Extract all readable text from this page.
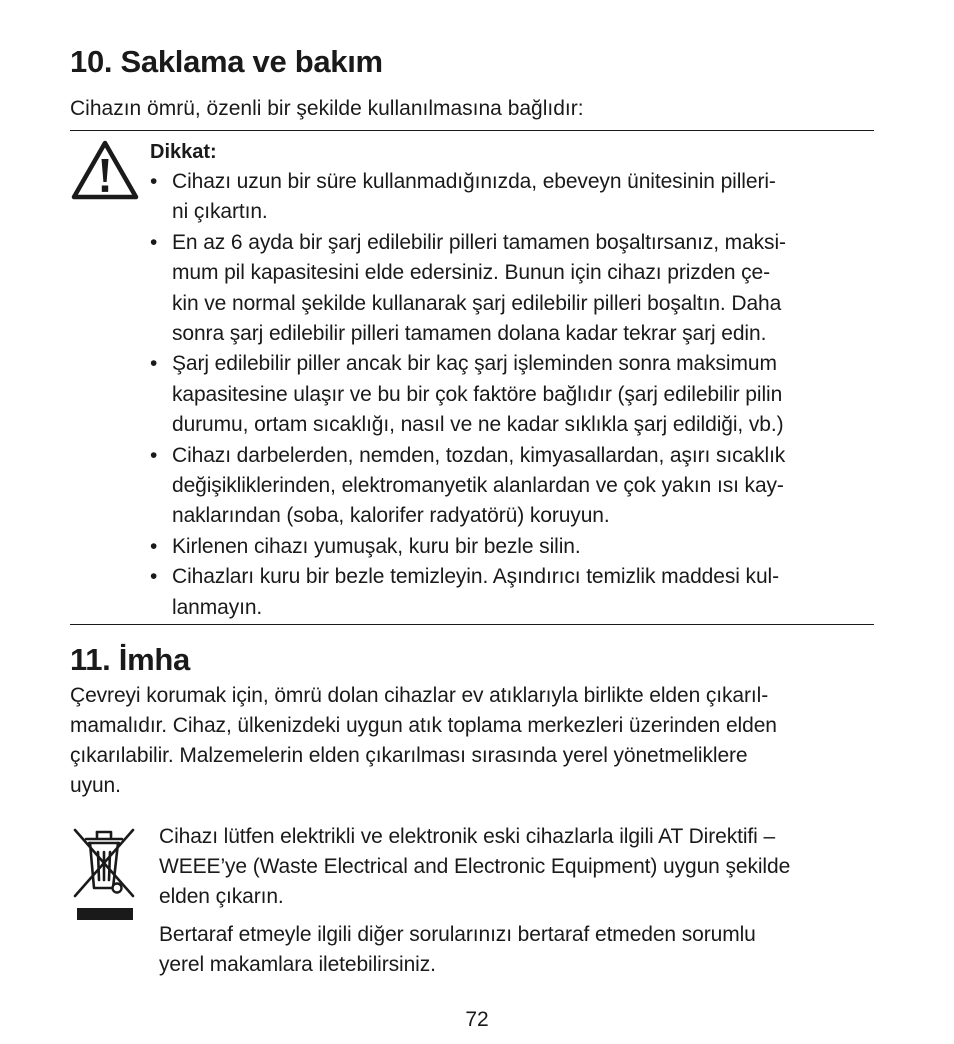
10. Saklama ve bakım

Cihazın ömrü, özenli bir şekilde kullanılmasına bağlıdır:

Dikkat:

• Cihazı uzun bir süre kullanmadığınızda, ebeveyn ünitesinin pilleri-
ni çıkartın.
• En az 6 ayda bir şarj edilebilir pilleri tamamen boşaltırsanız, maksi-
mum pil kapasitesini elde edersiniz. Bunun için cihazı prizden çe-
kin ve normal şekilde kullanarak şarj edilebilir pilleri boşaltın. Daha
sonra şarj edilebilir pilleri tamamen dolana kadar tekrar şarj edin.
• Şarj edilebilir piller ancak bir kaç şarj işleminden sonra maksimum
kapasitesine ulaşır ve bu bir çok faktöre bağlıdır (şarj edilebilir pilin
durumu, ortam sıcaklığı, nasıl ve ne kadar sıklıkla şarj edildiği, vb.)
• Cihazı darbelerden, nemden, tozdan, kimyasallardan, aşırı sıcaklık
değişikliklerinden, elektromanyetik alanlardan ve çok yakın ısı kay-
naklarından (soba, kalorifer radyatörü) koruyun.
• Kirlenen cihazı yumuşak, kuru bir bezle silin.
• Cihazları kuru bir bezle temizleyin. Aşındırıcı temizlik maddesi kul-
lanmayın.
11. İmha

Çevreyi korumak için, ömrü dolan cihazlar ev atıklarıyla birlikte elden çıkarıl-
mamalıdır. Cihaz, ülkenizdeki uygun atık toplama merkezleri üzerinden elden
çıkarılabilir. Malzemelerin elden çıkarılması sırasında yerel yönetmeliklere
uyun.

Cihazı lütfen elektrikli ve elektronik eski cihazlarla ilgili AT Direktifi –
WEEE’ye (Waste Electrical and Electronic Equipment) uygun şekilde
elden çıkarın.

Bertaraf etmeyle ilgili diğer sorularınızı bertaraf etmeden sorumlu
yerel makamlara iletebilirsiniz.

72
